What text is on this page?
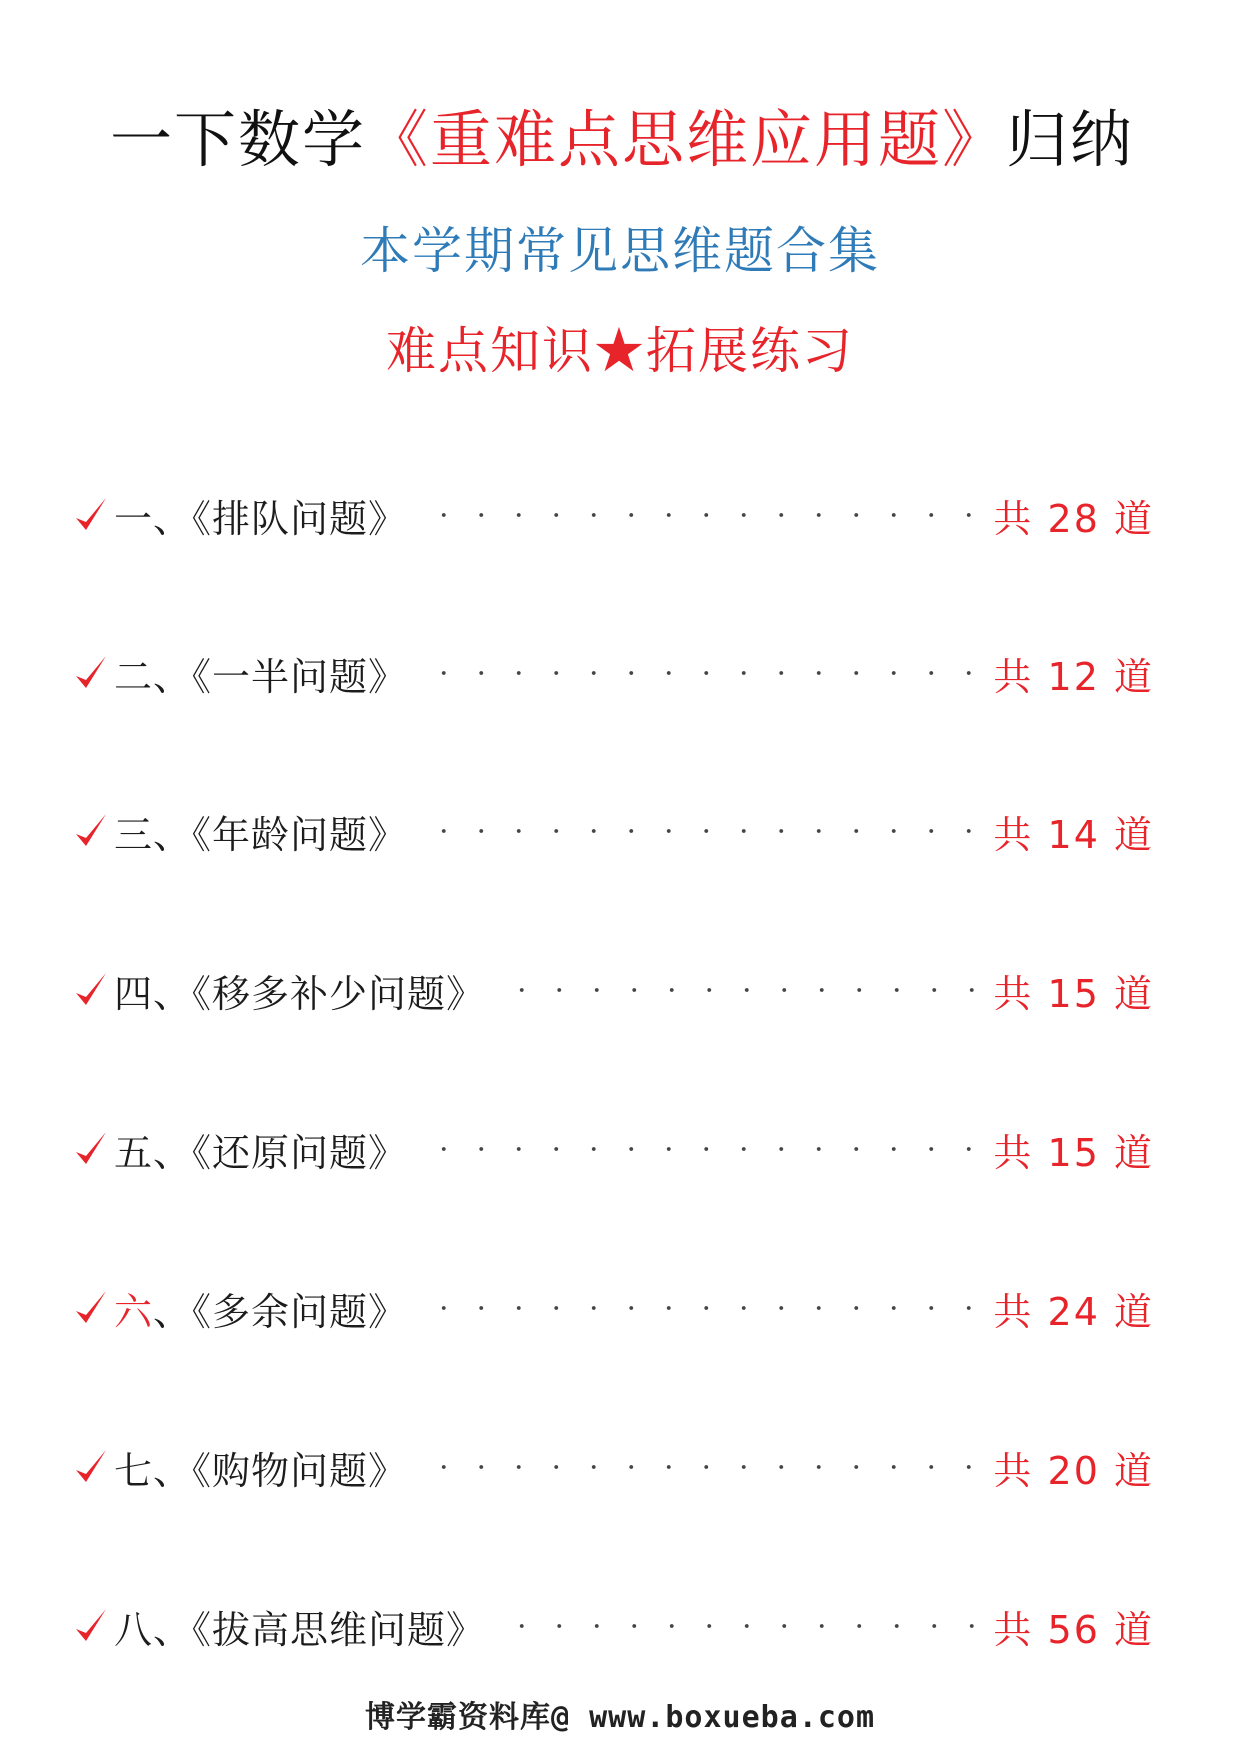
一下数学《重难点思维应用题》归纳
本学期常见思维题合集
难点知识★拓展练习
一、《排队问题》	共 28 道
二、《一半问题》	共 12 道
三、《年龄问题》	共 14 道
四、《移多补少问题》	共 15 道
五、《还原问题》	共 15 道
六、《多余问题》	共 24 道
七、《购物问题》	共 20 道
八、《拔高思维问题》	共 56 道
博学霸资料库@ www.boxueba.com
